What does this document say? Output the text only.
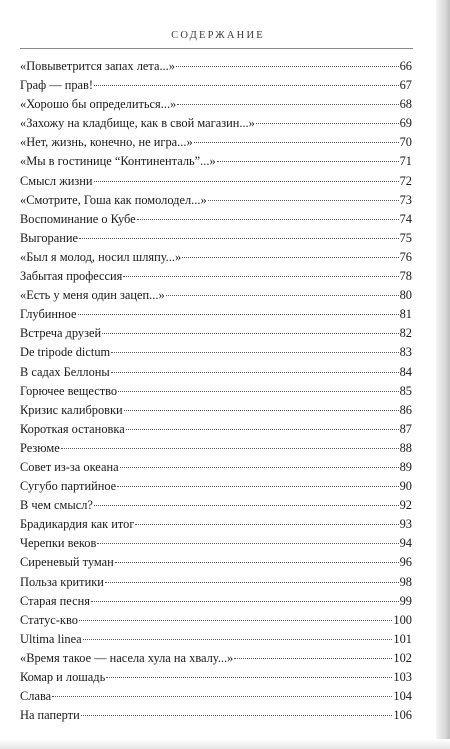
СОДЕРЖАНИЕ
«Повыветрится запах лета...»	66
Граф — прав!	67
«Хорошо бы определиться...»	68
«Захожу на кладбище, как в свой магазин...»	69
«Нет, жизнь, конечно, не игра...»	70
«Мы в гостинице “Континенталь”...»	71
Смысл жизни	72
«Смотрите, Гоша как помолодел...»	73
Воспоминание о Кубе	74
Выгорание	75
«Был я молод, носил шляпу...»	76
Забытая профессия	78
«Есть у меня один зацеп...»	80
Глубинное	81
Встреча друзей	82
De tripode dictum	83
В садах Беллоны	84
Горючее вещество	85
Кризис калибровки	86
Короткая остановка	87
Резюме	88
Совет из-за океана	89
Сугубо партийное	90
В чем смысл?	92
Брадикардия как итог	93
Черепки веков	94
Сиреневый туман	96
Польза критики	98
Старая песня	99
Статус-кво	100
Ultima linea	101
«Время такое — насела хула на хвалу...»	102
Комар и лошадь	103
Слава	104
На паперти	106
